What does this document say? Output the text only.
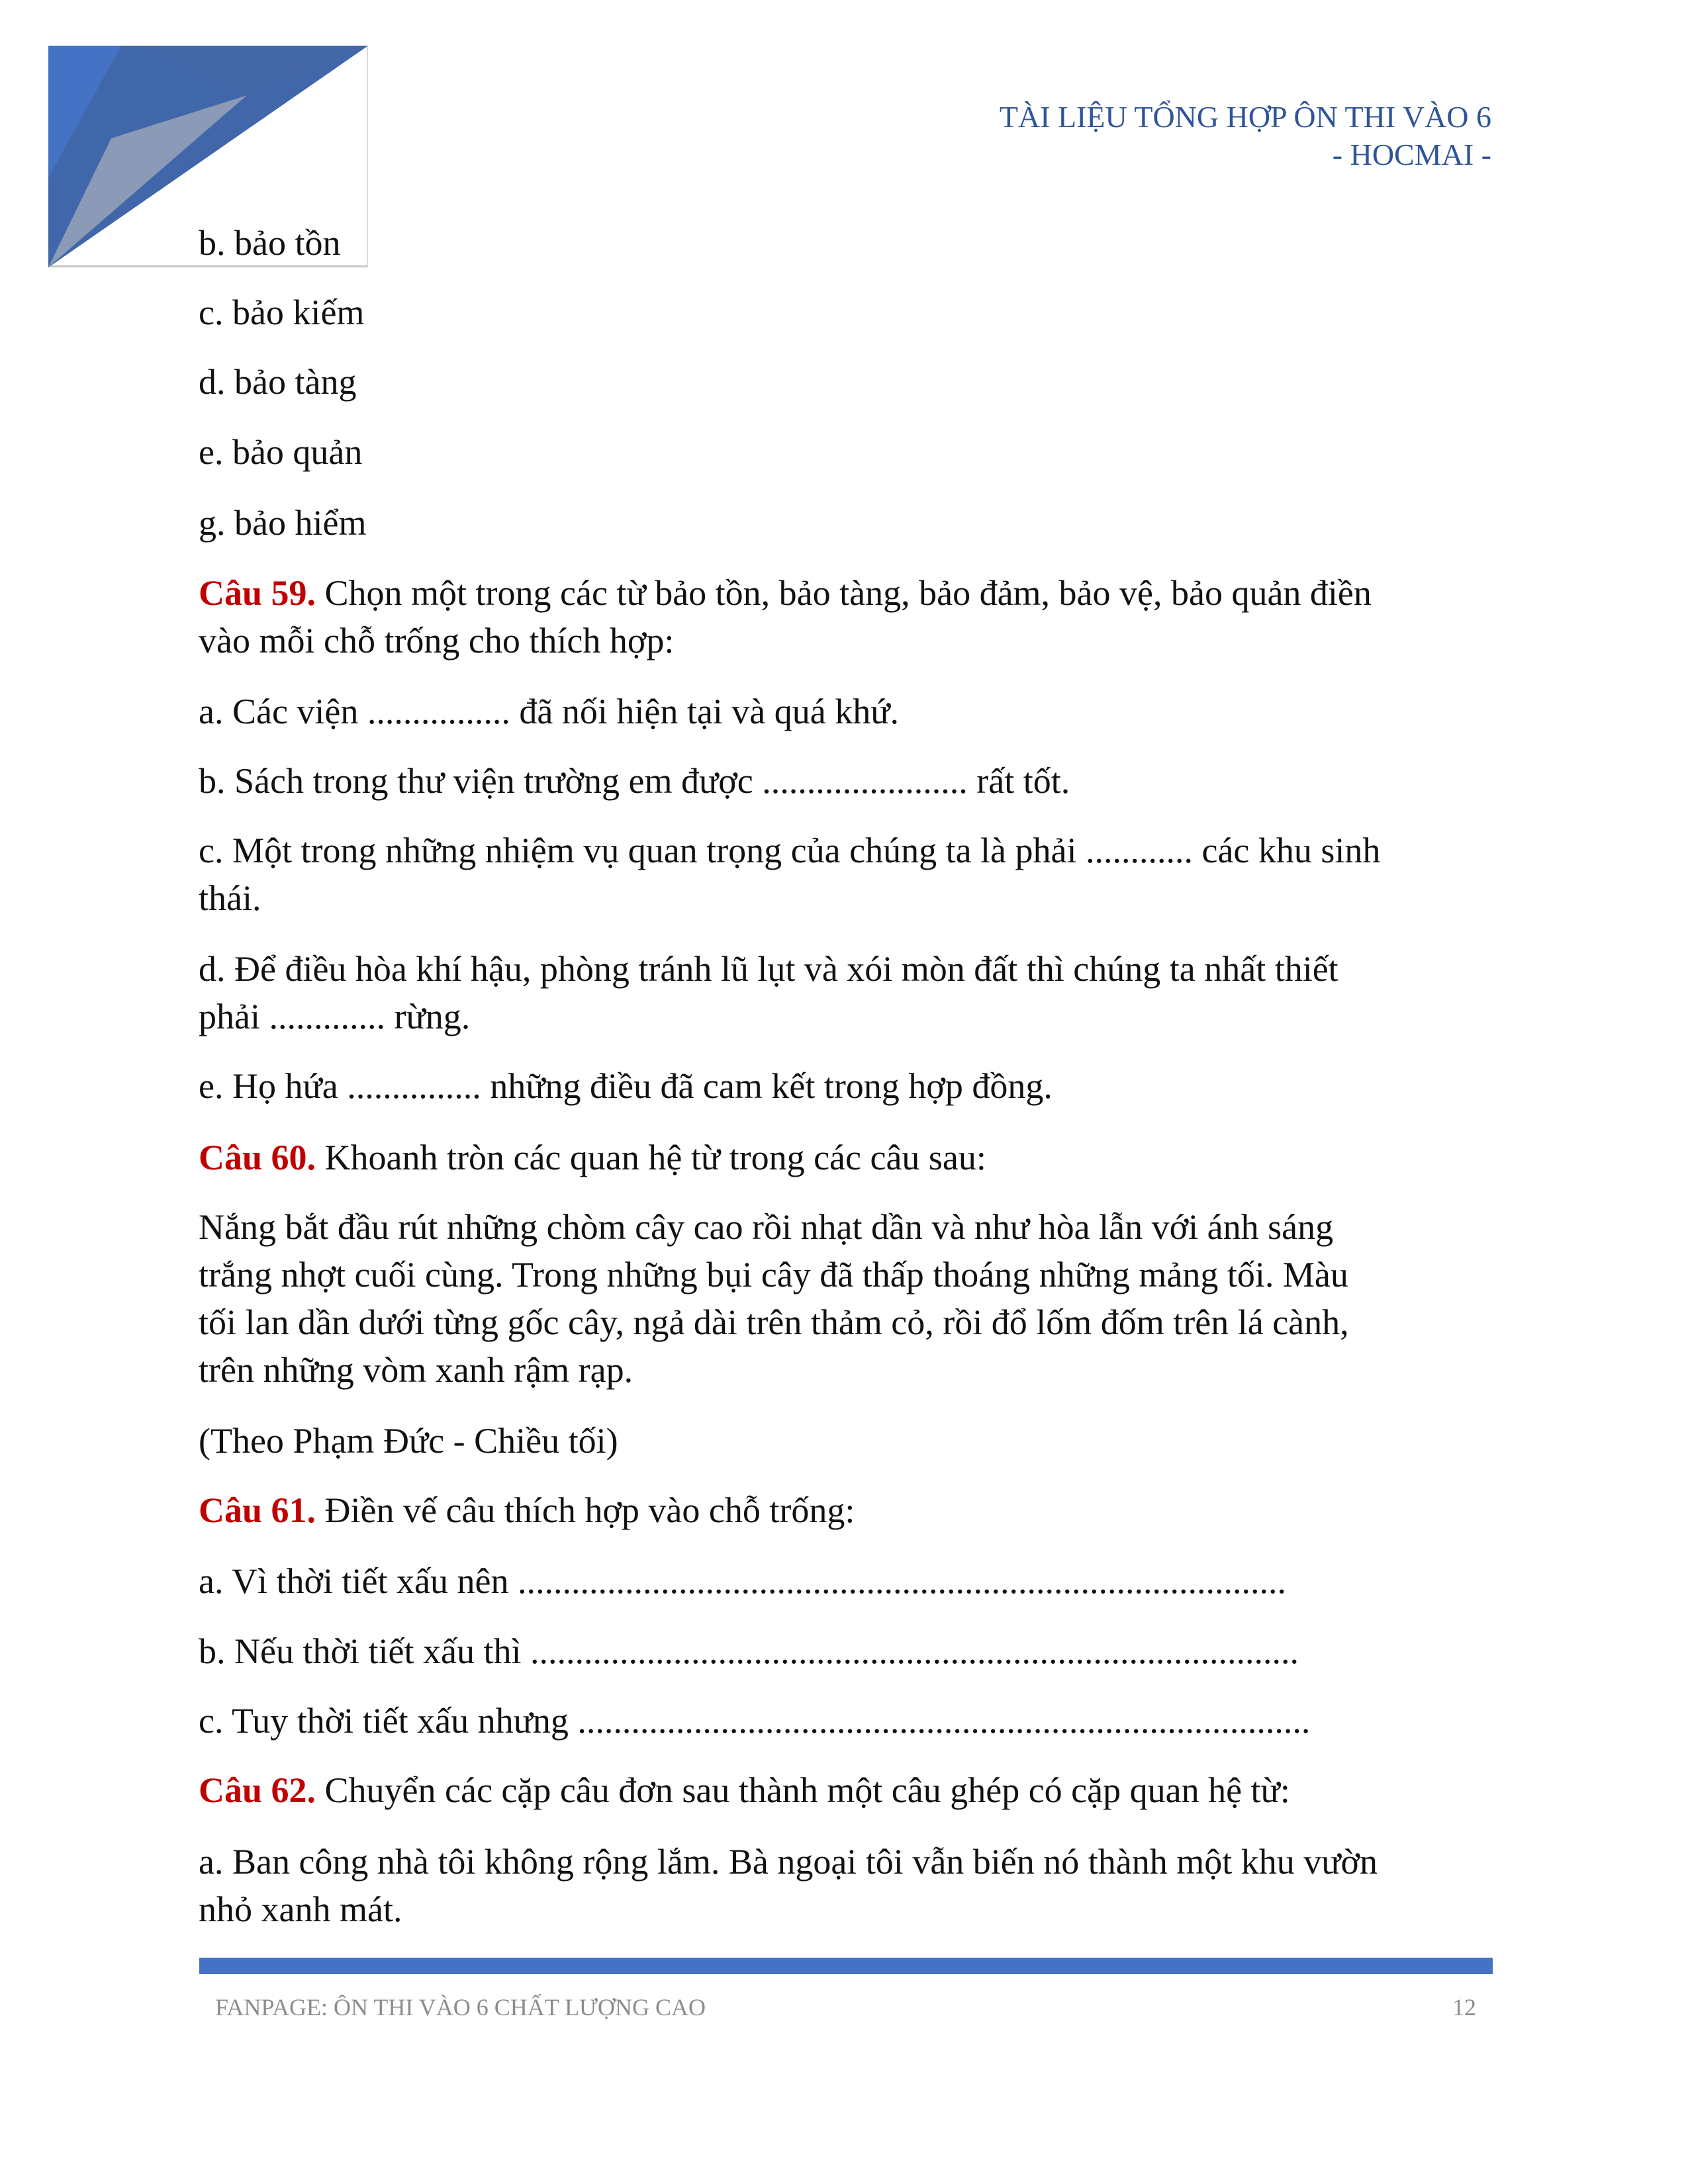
TÀI LIỆU TỔNG HỢP ÔN THI VÀO 6
- HOCMAI -
b. bảo tồn
c. bảo kiếm
d. bảo tàng
e. bảo quản
g. bảo hiểm
Câu 59. Chọn một trong các từ bảo tồn, bảo tàng, bảo đảm, bảo vệ, bảo quản điền
vào mỗi chỗ trống cho thích hợp:
a. Các viện ................ đã nối hiện tại và quá khứ.
b. Sách trong thư viện trường em được ....................... rất tốt.
c. Một trong những nhiệm vụ quan trọng của chúng ta là phải ............ các khu sinh
thái.
d. Để điều hòa khí hậu, phòng tránh lũ lụt và xói mòn đất thì chúng ta nhất thiết
phải ............. rừng.
e. Họ hứa ............... những điều đã cam kết trong hợp đồng.
Câu 60. Khoanh tròn các quan hệ từ trong các câu sau:
Nắng bắt đầu rút những chòm cây cao rồi nhạt dần và như hòa lẫn với ánh sáng
trắng nhợt cuối cùng. Trong những bụi cây đã thấp thoáng những mảng tối. Màu
tối lan dần dưới từng gốc cây, ngả dài trên thảm cỏ, rồi đổ lốm đốm trên lá cành,
trên những vòm xanh rậm rạp.
(Theo Phạm Đức - Chiều tối)
Câu 61. Điền vế câu thích hợp vào chỗ trống:
a. Vì thời tiết xấu nên ......................................................................................
b. Nếu thời tiết xấu thì ......................................................................................
c. Tuy thời tiết xấu nhưng ..................................................................................
Câu 62. Chuyển các cặp câu đơn sau thành một câu ghép có cặp quan hệ từ:
a. Ban công nhà tôi không rộng lắm. Bà ngoại tôi vẫn biến nó thành một khu vườn
nhỏ xanh mát.
FANPAGE: ÔN THI VÀO 6 CHẤT LƯỢNG CAO	12
